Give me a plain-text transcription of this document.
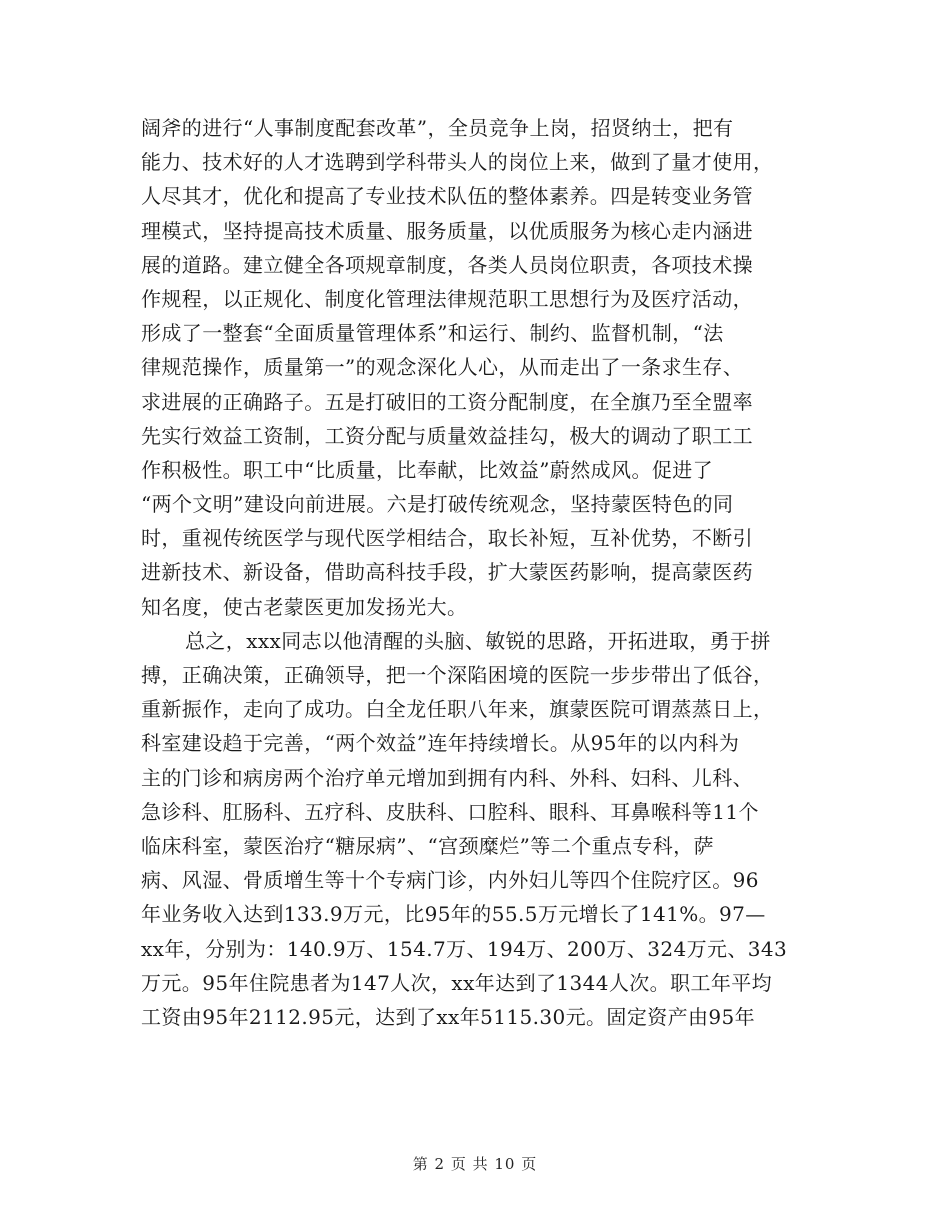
阔斧的进行“人事制度配套改革”，全员竞争上岗，招贤纳士，把有
能力、技术好的人才选聘到学科带头人的岗位上来，做到了量才使用，
人尽其才，优化和提高了专业技术队伍的整体素养。四是转变业务管
理模式，坚持提高技术质量、服务质量，以优质服务为核心走内涵进
展的道路。建立健全各项规章制度，各类人员岗位职责，各项技术操
作规程，以正规化、制度化管理法律规范职工思想行为及医疗活动，
形成了一整套“全面质量管理体系”和运行、制约、监督机制，“法
律规范操作，质量第一”的观念深化人心，从而走出了一条求生存、
求进展的正确路子。五是打破旧的工资分配制度，在全旗乃至全盟率
先实行效益工资制，工资分配与质量效益挂勾，极大的调动了职工工
作积极性。职工中“比质量，比奉献，比效益”蔚然成风。促进了
“两个文明”建设向前进展。六是打破传统观念，坚持蒙医特色的同
时，重视传统医学与现代医学相结合，取长补短，互补优势，不断引
进新技术、新设备，借助高科技手段，扩大蒙医药影响，提高蒙医药
知名度，使古老蒙医更加发扬光大。
总之，xxx同志以他清醒的头脑、敏锐的思路，开拓进取，勇于拼
搏，正确决策，正确领导，把一个深陷困境的医院一步步带出了低谷，
重新振作，走向了成功。白全龙任职八年来，旗蒙医院可谓蒸蒸日上，
科室建设趋于完善，“两个效益”连年持续增长。从95年的以内科为
主的门诊和病房两个治疗单元增加到拥有内科、外科、妇科、儿科、
急诊科、肛肠科、五疗科、皮肤科、口腔科、眼科、耳鼻喉科等11个
临床科室，蒙医治疗“糖尿病”、“宫颈糜烂”等二个重点专科，萨
病、风湿、骨质增生等十个专病门诊，内外妇儿等四个住院疗区。96
年业务收入达到133.9万元，比95年的55.5万元增长了141%。97—
xx年，分别为：140.9万、154.7万、194万、200万、324万元、343
万元。95年住院患者为147人次，xx年达到了1344人次。职工年平均
工资由95年2112.95元，达到了xx年5115.30元。固定资产由95年
第 2 页 共 10 页
